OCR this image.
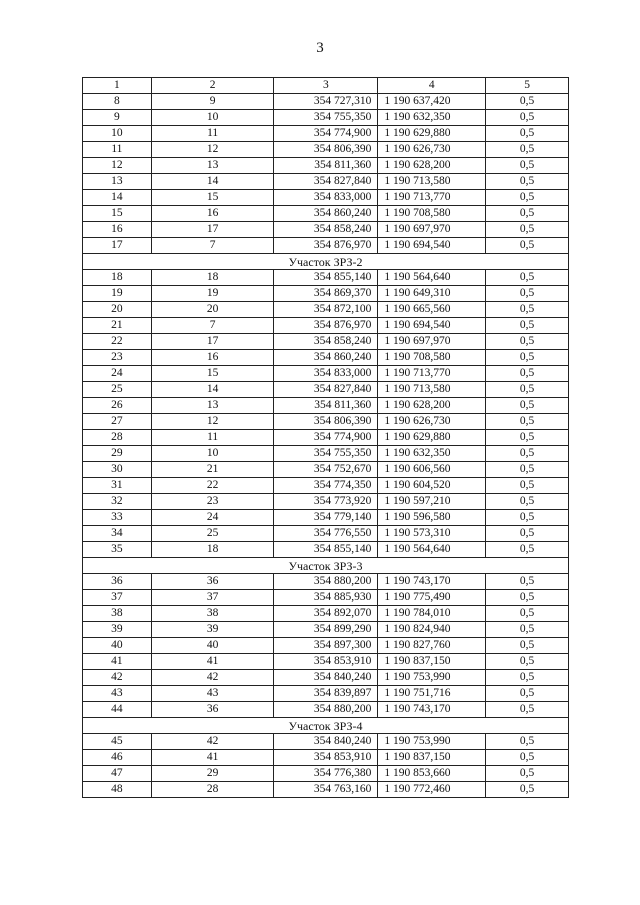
3
1	2	3	4	5
8	9	354 727,310	1 190 637,420	0,5
9	10	354 755,350	1 190 632,350	0,5
10	11	354 774,900	1 190 629,880	0,5
11	12	354 806,390	1 190 626,730	0,5
12	13	354 811,360	1 190 628,200	0,5
13	14	354 827,840	1 190 713,580	0,5
14	15	354 833,000	1 190 713,770	0,5
15	16	354 860,240	1 190 708,580	0,5
16	17	354 858,240	1 190 697,970	0,5
17	7	354 876,970	1 190 694,540	0,5
Участок ЗРЗ-2				
18	18	354 855,140	1 190 564,640	0,5
19	19	354 869,370	1 190 649,310	0,5
20	20	354 872,100	1 190 665,560	0,5
21	7	354 876,970	1 190 694,540	0,5
22	17	354 858,240	1 190 697,970	0,5
23	16	354 860,240	1 190 708,580	0,5
24	15	354 833,000	1 190 713,770	0,5
25	14	354 827,840	1 190 713,580	0,5
26	13	354 811,360	1 190 628,200	0,5
27	12	354 806,390	1 190 626,730	0,5
28	11	354 774,900	1 190 629,880	0,5
29	10	354 755,350	1 190 632,350	0,5
30	21	354 752,670	1 190 606,560	0,5
31	22	354 774,350	1 190 604,520	0,5
32	23	354 773,920	1 190 597,210	0,5
33	24	354 779,140	1 190 596,580	0,5
34	25	354 776,550	1 190 573,310	0,5
35	18	354 855,140	1 190 564,640	0,5
Участок ЗРЗ-3				
36	36	354 880,200	1 190 743,170	0,5
37	37	354 885,930	1 190 775,490	0,5
38	38	354 892,070	1 190 784,010	0,5
39	39	354 899,290	1 190 824,940	0,5
40	40	354 897,300	1 190 827,760	0,5
41	41	354 853,910	1 190 837,150	0,5
42	42	354 840,240	1 190 753,990	0,5
43	43	354 839,897	1 190 751,716	0,5
44	36	354 880,200	1 190 743,170	0,5
Участок ЗРЗ-4				
45	42	354 840,240	1 190 753,990	0,5
46	41	354 853,910	1 190 837,150	0,5
47	29	354 776,380	1 190 853,660	0,5
48	28	354 763,160	1 190 772,460	0,5
